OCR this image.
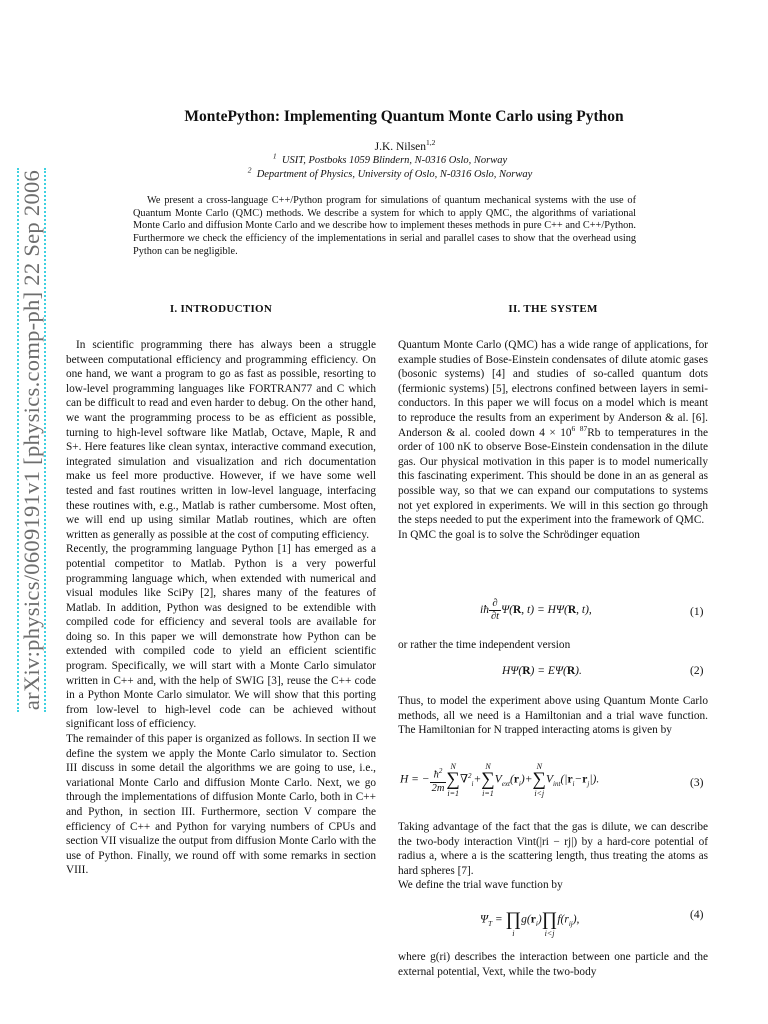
arXiv:physics/0609191v1 [physics.comp-ph] 22 Sep 2006
MontePython: Implementing Quantum Monte Carlo using Python
J.K. Nilsen$^{1,2}$
$^1$ USIT, Postboks 1059 Blindern, N-0316 Oslo, Norway
$^2$ Department of Physics, University of Oslo, N-0316 Oslo, Norway
We present a cross-language C++/Python program for simulations of quantum mechanical systems with the use of Quantum Monte Carlo (QMC) methods. We describe a system for which to apply QMC, the algorithms of variational Monte Carlo and diffusion Monte Carlo and we describe how to implement theses methods in pure C++ and C++/Python. Furthermore we check the efficiency of the implementations in serial and parallel cases to show that the overhead using Python can be negligible.
I. INTRODUCTION	II. THE SYSTEM

In scientific programming there has always been a struggle between computational efficiency and programming efficiency. On one hand, we want a program to go as fast as possible, resorting to low-level programming languages like FORTRAN77 and C which can be difficult to read and even harder to debug. On the other hand, we want the programming process to be as efficient as possible, turning to high-level software like Matlab, Octave, Maple, R and S+. Here features like clean syntax, interactive command execution, integrated simulation and visualization and rich documentation make us feel more productive. However, if we have some well tested and fast routines written in low-level language, interfacing these routines with, e.g., Matlab is rather cumbersome. Most often, we will end up using similar Matlab routines, which are often written as generally as possible at the cost of computing efficiency.

Recently, the programming language Python [1] has emerged as a potential competitor to Matlab. Python is a very powerful programming language which, when extended with numerical and visual modules like SciPy [2], shares many of the features of Matlab. In addition, Python was designed to be extendible with compiled code for efficiency and several tools are available for doing so. In this paper we will demonstrate how Python can be extended with compiled code to yield an efficient scientific program. Specifically, we will start with a Monte Carlo simulator written in C++ and, with the help of SWIG [3], reuse the C++ code in a Python Monte Carlo simulator. We will show that this porting from low-level to high-level code can be achieved without significant loss of efficiency.

The remainder of this paper is organized as follows. In section II we define the system we apply the Monte Carlo simulator to. Section III discuss in some detail the algorithms we are going to use, i.e., variational Monte Carlo and diffusion Monte Carlo. Next, we go through the implementations of diffusion Monte Carlo, both in C++ and Python, in section III. Furthermore, section V compare the efficiency of C++ and Python for varying numbers of CPUs and section VII visualize the output from diffusion Monte Carlo with the use of Python. Finally, we round off with some remarks in section VIII.

Quantum Monte Carlo (QMC) has a wide range of applications, for example studies of Bose-Einstein condensates of dilute atomic gases (bosonic systems) [4] and studies of so-called quantum dots (fermionic systems) [5], electrons confined between layers in semi-conductors. In this paper we will focus on a model which is meant to reproduce the results from an experiment by Anderson & al. [6]. Anderson & al. cooled down $4 \times 10^6$ $^{87}$Rb to temperatures in the order of 100 nK to observe Bose-Einstein condensation in the dilute gas. Our physical motivation in this paper is to model numerically this fascinating experiment. This should be done in an as general as possible way, so that we can expand our computations to systems not yet explored in experiments. We will in this section go through the steps needed to put the experiment into the framework of QMC.

In QMC the goal is to solve the Schrödinger equation

iħ $\frac{\partial}{\partial t} \Psi(R$, t) = HΨ(R, t),	(1)

or rather the time independent version

HΨ(R) = EΨ(R).	(2)

Thus, to model the experiment above using Quantum Monte Carlo methods, all we need is a Hamiltonian and a trial wave function. The Hamiltonian for N trapped interacting atoms is given by

H = − $\frac{ħ^2}{2m}$ N
∑
i=1∇$^2_i$+N
∑
$i=1V_{ext}(r_i)+N$
∑
$i<jV_{int}(|r_i-r_j|)$.	(3)

Taking advantage of the fact that the gas is dilute, we can describe the two-body interaction Vint(|ri − rj|) by a hard-core potential of radius a, where a is the scattering length, thus treating the atoms as hard spheres [7].

We define the trial wave function by

$\Psi_T$ = ∏
$ig(r_i)$ ∏
$i<jf(r_{ij})$,	(4)

where g(ri) describes the interaction between one particle and the external potential, Vext, while the two-body
